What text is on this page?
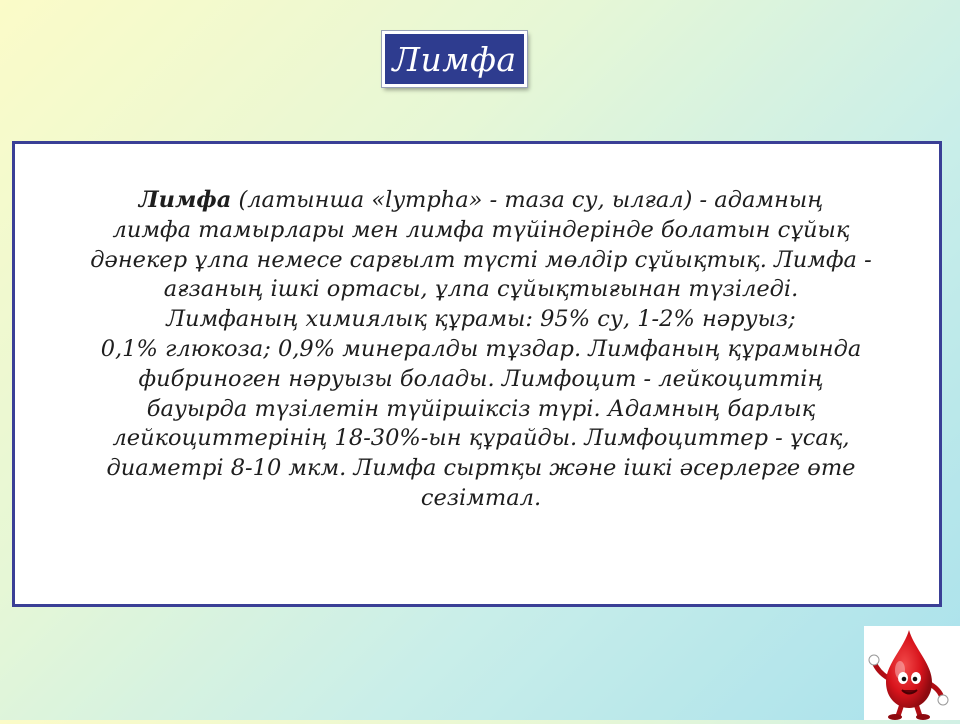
Лимфа
Лимфа (латынша «lympha» - таза су, ылғал) - адамның
лимфа тамырлары мен лимфа түйіндерінде болатын сұйық
дәнекер ұлпа немесе сарғылт түсті мөлдір сұйықтық. Лимфа -
ағзаның ішкі ортасы, ұлпа сұйықтығынан түзіледі.
Лимфаның химиялық құрамы: 95% су, 1-2% нәруыз;
0,1% глюкоза; 0,9% минералды тұздар. Лимфаның құрамында
фибриноген нәруызы болады. Лимфоцит - лейкоциттің
бауырда түзілетін түйіршіксіз түрі. Адамның барлық
лейкоциттерінің 18-30%-ын құрайды. Лимфоциттер - ұсақ,
диаметрі 8-10 мкм. Лимфа сыртқы және ішкі әсерлерге өте
сезімтал.
